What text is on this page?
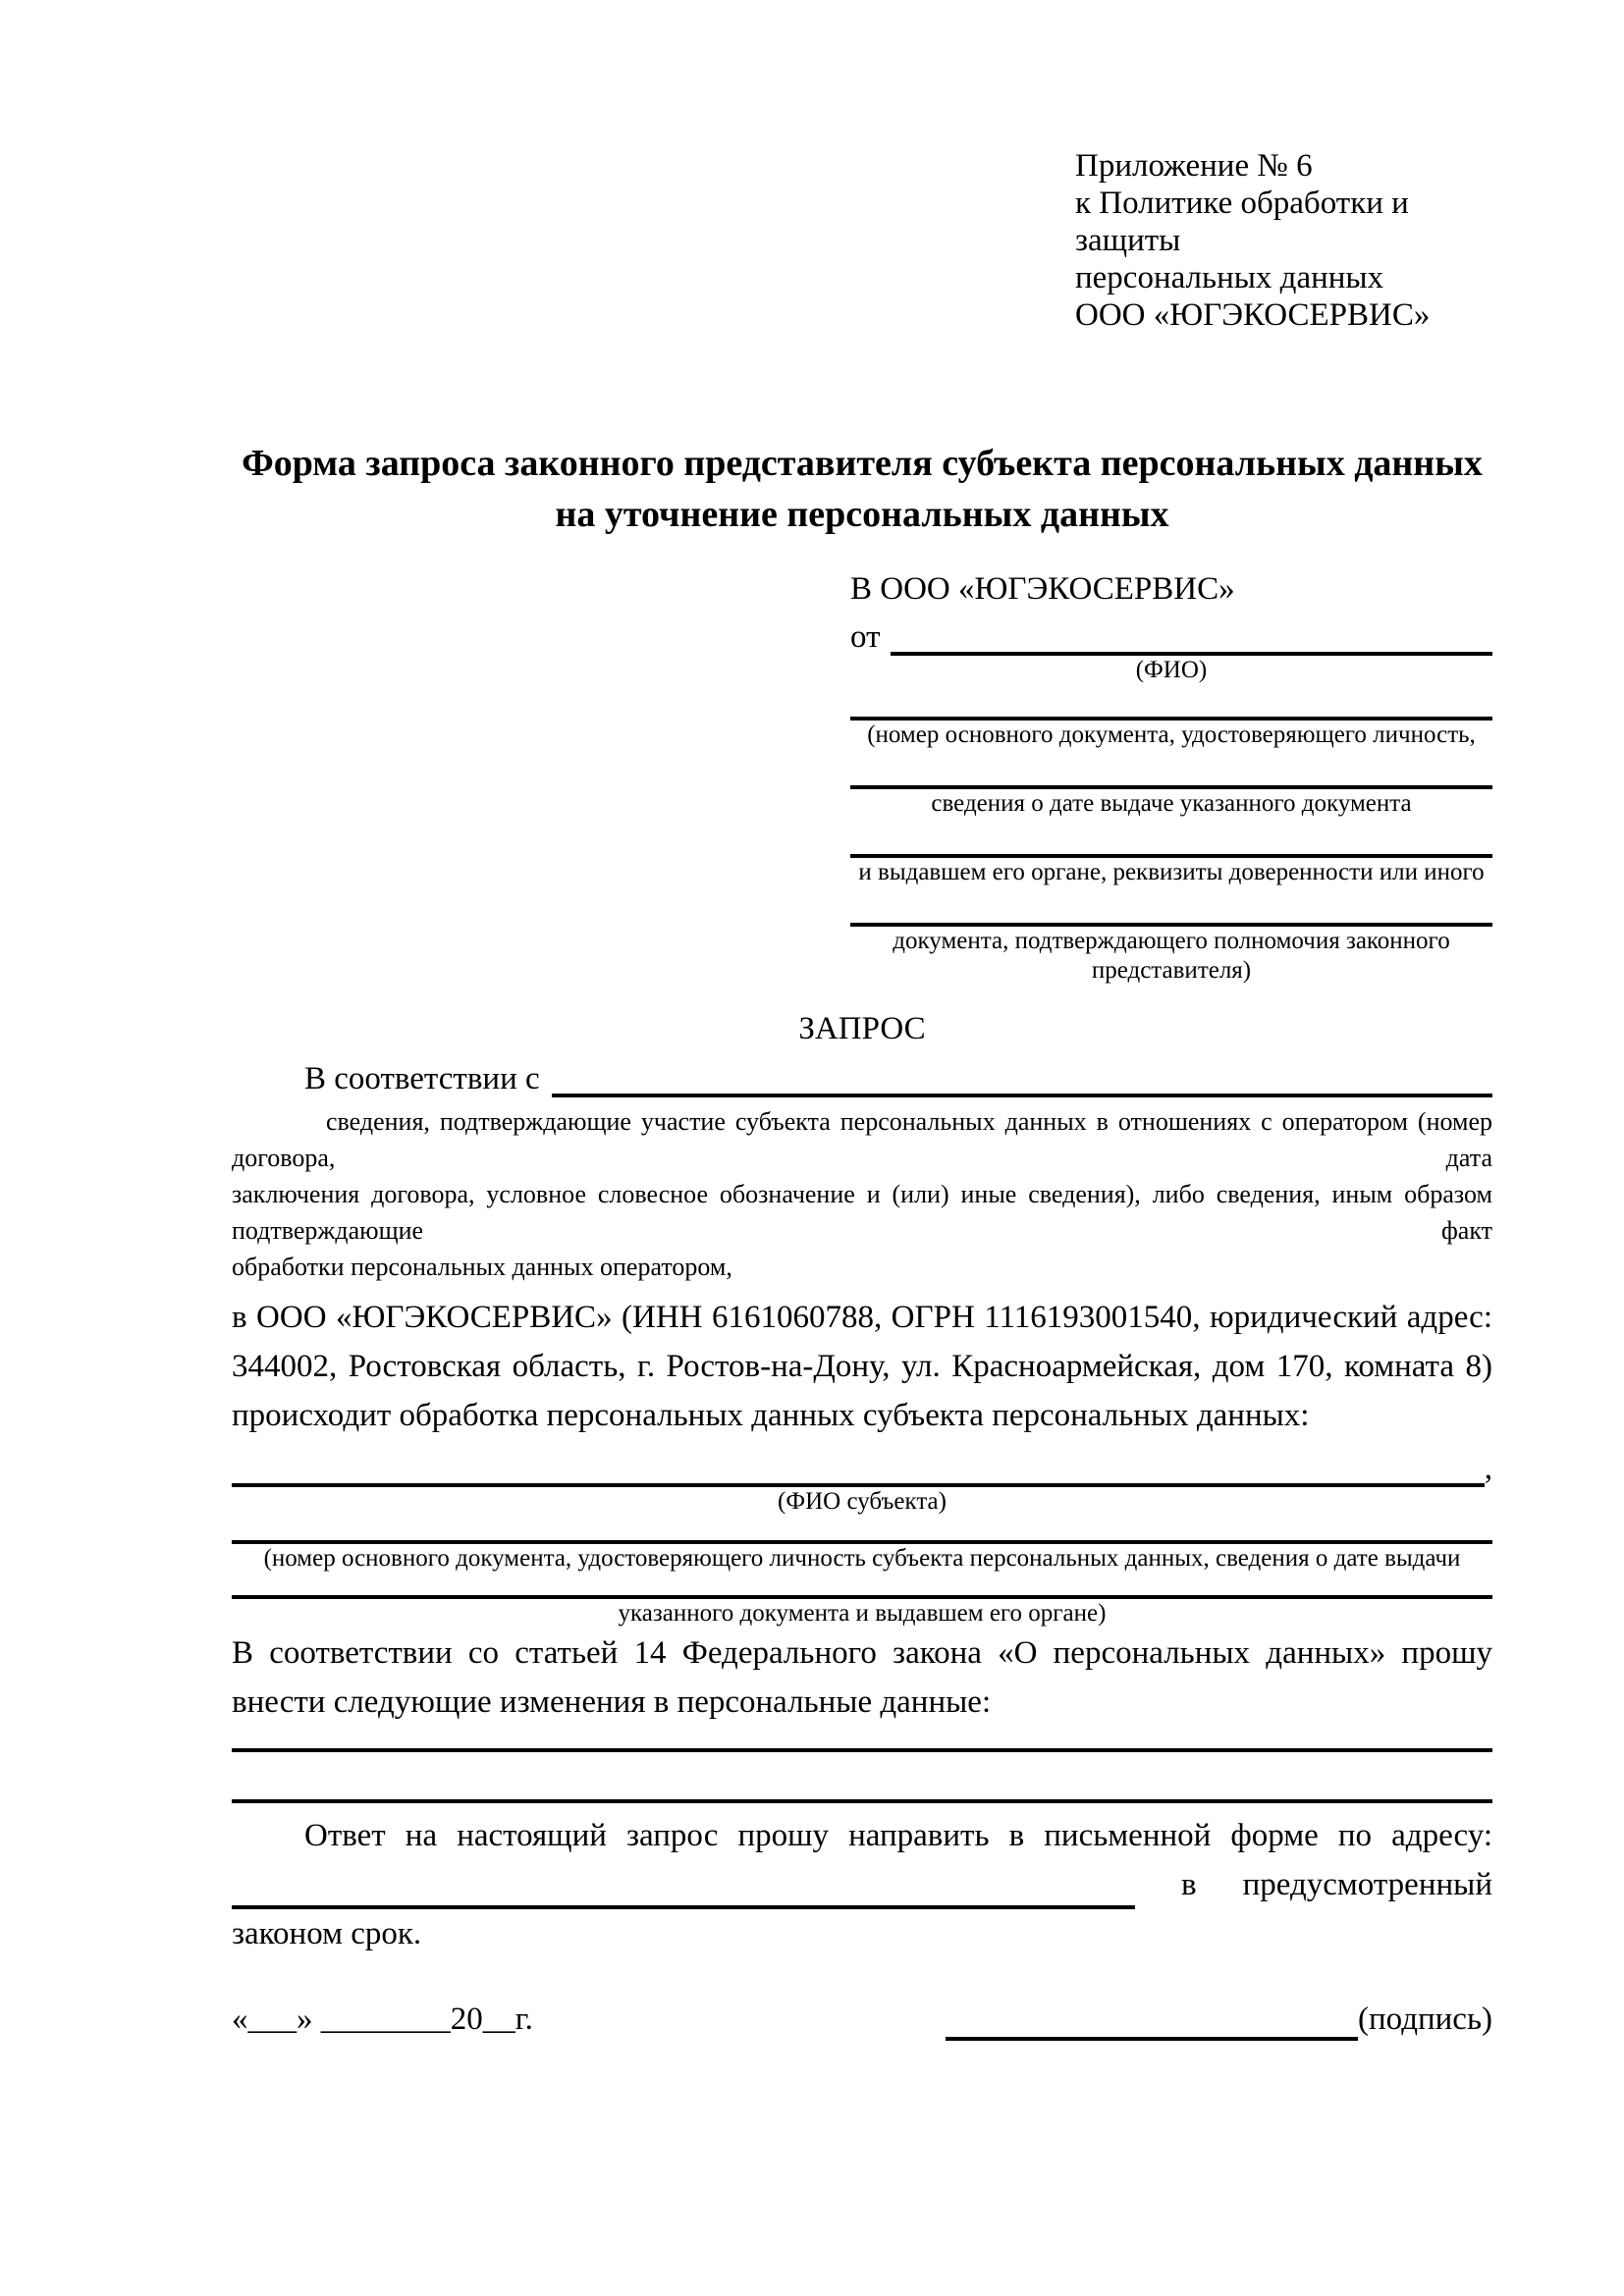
Приложение № 6
к Политике обработки и защиты
персональных данных
ООО «ЮГЭКОСЕРВИС»
Форма запроса законного представителя субъекта персональных данных
на уточнение персональных данных
В ООО «ЮГЭКОСЕРВИС»
от
(ФИО)
(номер основного документа, удостоверяющего личность,
сведения о дате выдаче указанного документа
и выдавшем его органе, реквизиты доверенности или иного
документа, подтверждающего полномочия законного представителя)
ЗАПРОС
В соответствии с
сведения, подтверждающие участие субъекта персональных данных в отношениях с оператором (номер договора, дата
заключения договора, условное словесное обозначение и (или) иные сведения), либо сведения, иным образом подтверждающие факт
обработки персональных данных оператором,
в ООО «ЮГЭКОСЕРВИС» (ИНН 6161060788, ОГРН 1116193001540, юридический адрес:
344002, Ростовская область, г. Ростов-на-Дону, ул. Красноармейская, дом 170, комната 8)
происходит обработка персональных данных субъекта персональных данных:
,
(ФИО субъекта)
(номер основного документа, удостоверяющего личность субъекта персональных данных, сведения о дате выдачи
указанного документа и выдавшем его органе)
В соответствии со статьей 14 Федерального закона «О персональных данных» прошу
внести следующие изменения в персональные данные:
Ответ на настоящий запрос прошу направить в письменной форме по адресу:
в предусмотренный
законом срок.
«___» ________20__г.	(подпись)
